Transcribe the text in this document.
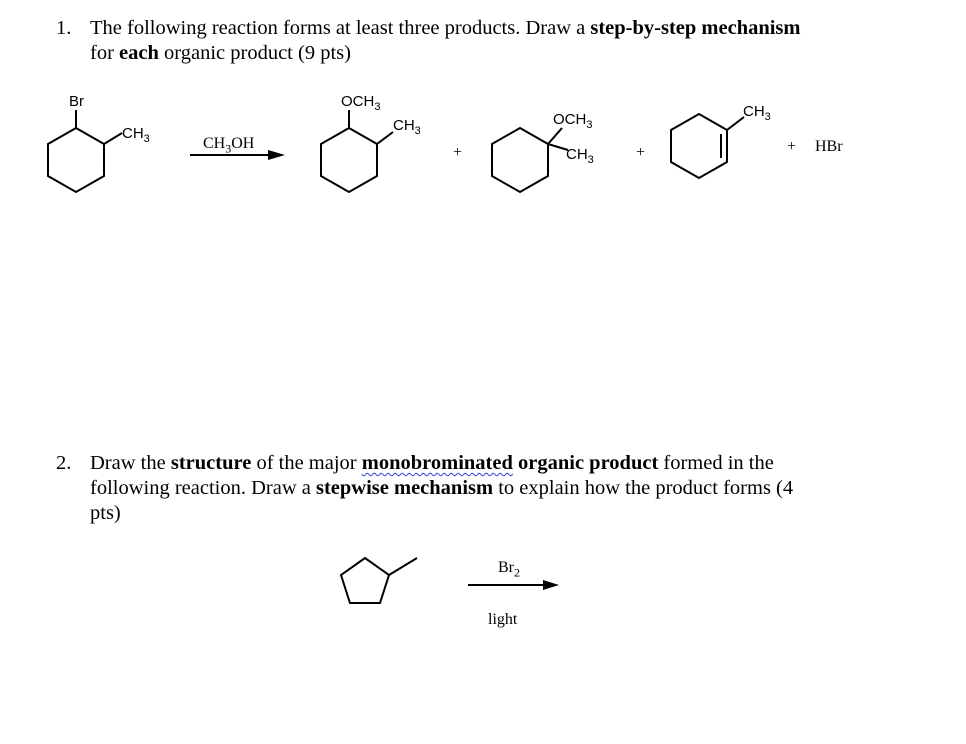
1. The following reaction forms at least three products. Draw a step-by-step mechanism
for each organic product (9 pts)
2. Draw the structure of the major monobrominated organic product formed in the
following reaction. Draw a stepwise mechanism to explain how the product forms (4
pts)
Br
$CH_3$
$OCH_3$
$CH_3$
$OCH_3$
$CH_3$
$CH_3$
$CH_3OH$
+	+	+ HBr
$Br_2$
light
